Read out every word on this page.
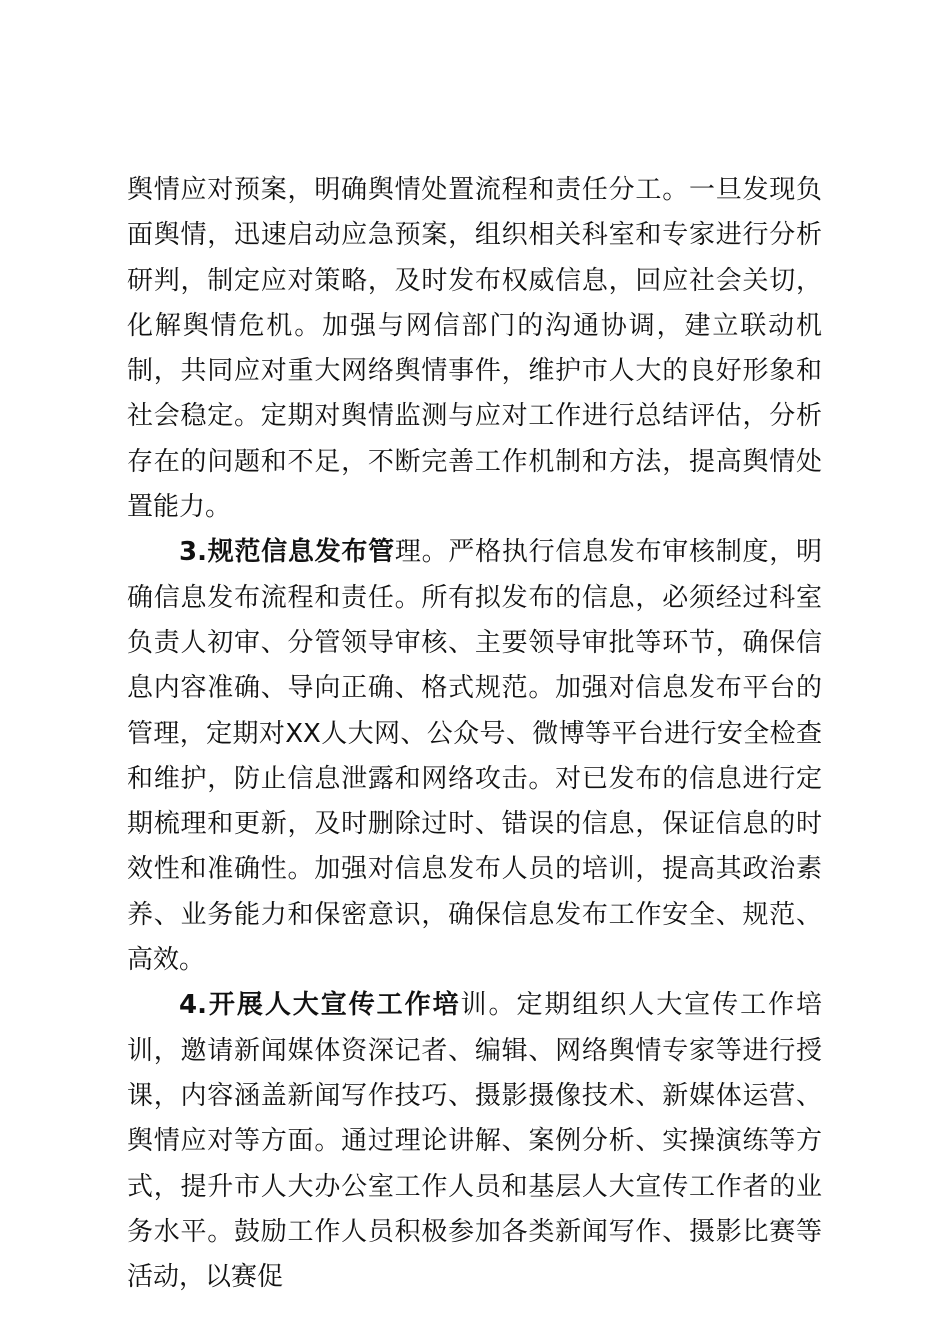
舆情应对预案，明确舆情处置流程和责任分工。一旦发现负面舆情，迅速启动应急预案，组织相关科室和专家进行分析研判，制定应对策略，及时发布权威信息，回应社会关切，化解舆情危机。加强与网信部门的沟通协调，建立联动机制，共同应对重大网络舆情事件，维护市人大的良好形象和社会稳定。定期对舆情监测与应对工作进行总结评估，分析存在的问题和不足，不断完善工作机制和方法，提高舆情处置能力。

3.规范信息发布管理。严格执行信息发布审核制度，明确信息发布流程和责任。所有拟发布的信息，必须经过科室负责人初审、分管领导审核、主要领导审批等环节，确保信息内容准确、导向正确、格式规范。加强对信息发布平台的管理，定期对XX人大网、公众号、微博等平台进行安全检查和维护，防止信息泄露和网络攻击。对已发布的信息进行定期梳理和更新，及时删除过时、错误的信息，保证信息的时效性和准确性。加强对信息发布人员的培训，提高其政治素养、业务能力和保密意识，确保信息发布工作安全、规范、高效。

4.开展人大宣传工作培训。定期组织人大宣传工作培训，邀请新闻媒体资深记者、编辑、网络舆情专家等进行授课，内容涵盖新闻写作技巧、摄影摄像技术、新媒体运营、舆情应对等方面。通过理论讲解、案例分析、实操演练等方式，提升市人大办公室工作人员和基层人大宣传工作者的业务水平。鼓励工作人员积极参加各类新闻写作、摄影比赛等活动，以赛促
